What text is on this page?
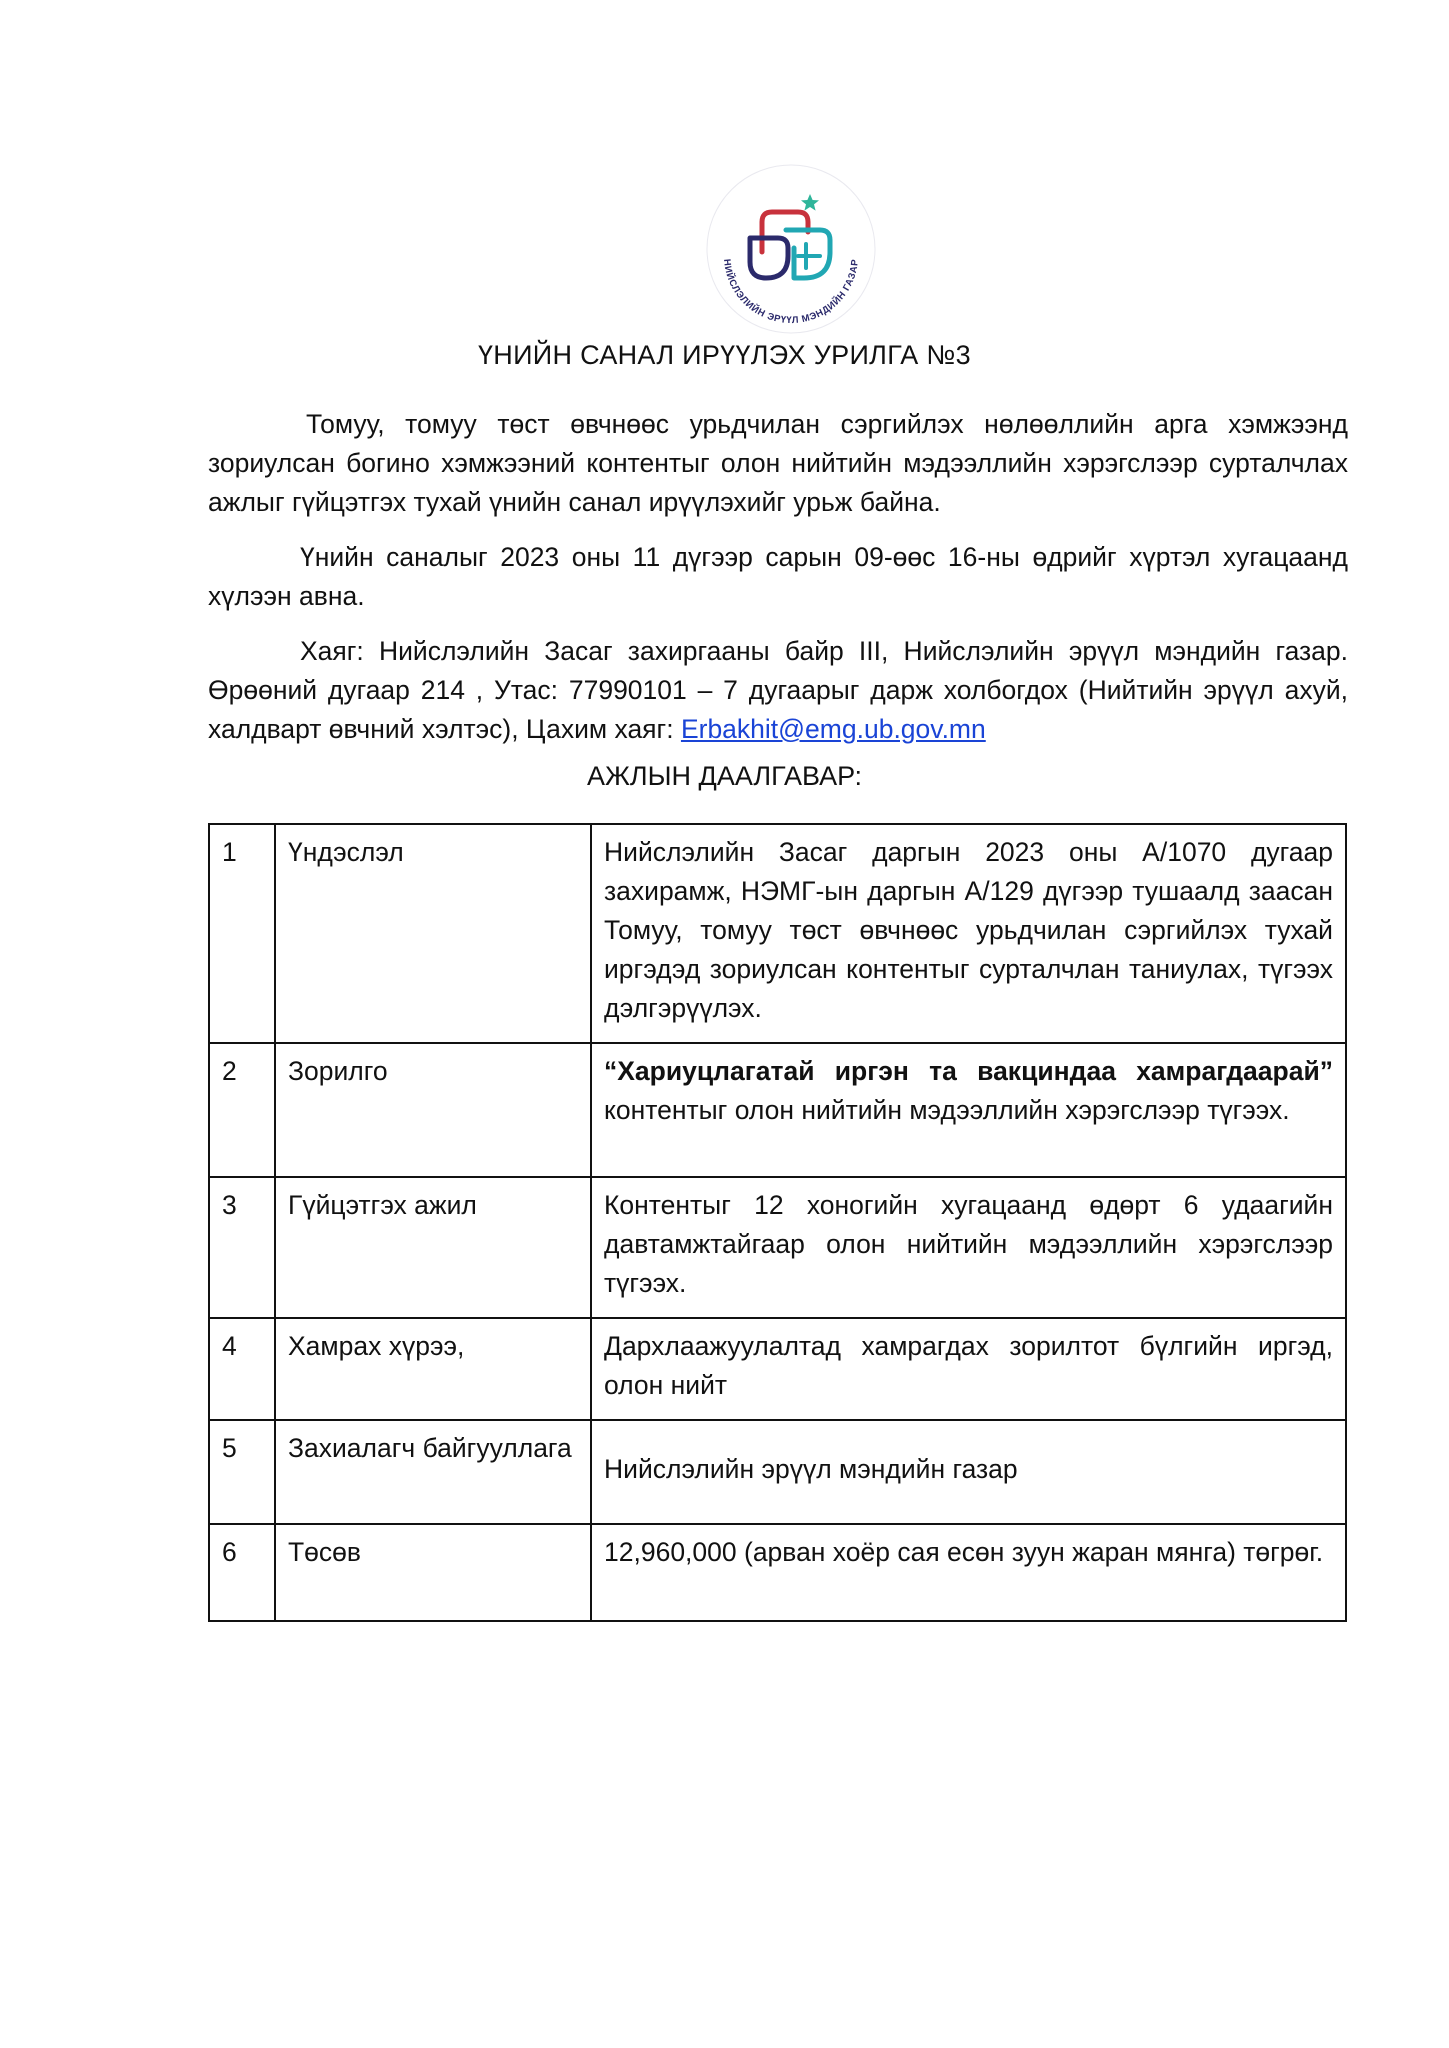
НИЙСЛЭЛИЙН ЭРҮҮЛ МЭНДИЙН ГАЗАР
ҮНИЙН САНАЛ ИРҮҮЛЭХ УРИЛГА №3

Томуу, томуу төст өвчнөөс урьдчилан сэргийлэх нөлөөллийн арга хэмжээнд зориулсан богино хэмжээний контентыг олон нийтийн мэдээллийн хэрэгслээр сурталчлах ажлыг гүйцэтгэх тухай үнийн санал ирүүлэхийг урьж байна.

Үнийн саналыг 2023 оны 11 дүгээр сарын 09-өөс 16-ны өдрийг хүртэл хугацаанд хүлээн авна.

Хаяг: Нийслэлийн Засаг захиргааны байр III, Нийслэлийн эрүүл мэндийн газар. Өрөөний дугаар 214 , Утас: 77990101 – 7 дугаарыг дарж холбогдох (Нийтийн эрүүл ахуй, халдварт өвчний хэлтэс), Цахим хаяг: Erbakhit@emg.ub.gov.mn

АЖЛЫН ДААЛГАВАР:
1	Үндэслэл	Нийслэлийн Засаг даргын 2023 оны А/1070 дугаар захирамж, НЭМГ-ын даргын А/129 дүгээр тушаалд заасан Томуу, томуу төст өвчнөөс урьдчилан сэргийлэх тухай иргэдэд зориулсан контентыг сурталчлан таниулах, түгээх дэлгэрүүлэх.
2	Зорилго	“Хариуцлагатай иргэн та вакциндаа хамрагдаарай” контентыг олон нийтийн мэдээллийн хэрэгслээр түгээх.
3	Гүйцэтгэх ажил	Контентыг 12 хоногийн хугацаанд өдөрт 6 удаагийн давтамжтайгаар олон нийтийн мэдээллийн хэрэгслээр түгээх.
4	Хамрах хүрээ,	Дархлаажуулалтад хамрагдах зорилтот бүлгийн иргэд, олон нийт
5	Захиалагч байгууллага	Нийслэлийн эрүүл мэндийн газар
6	Төсөв	12,960,000 (арван хоёр сая есөн зуун жаран мянга) төгрөг.
